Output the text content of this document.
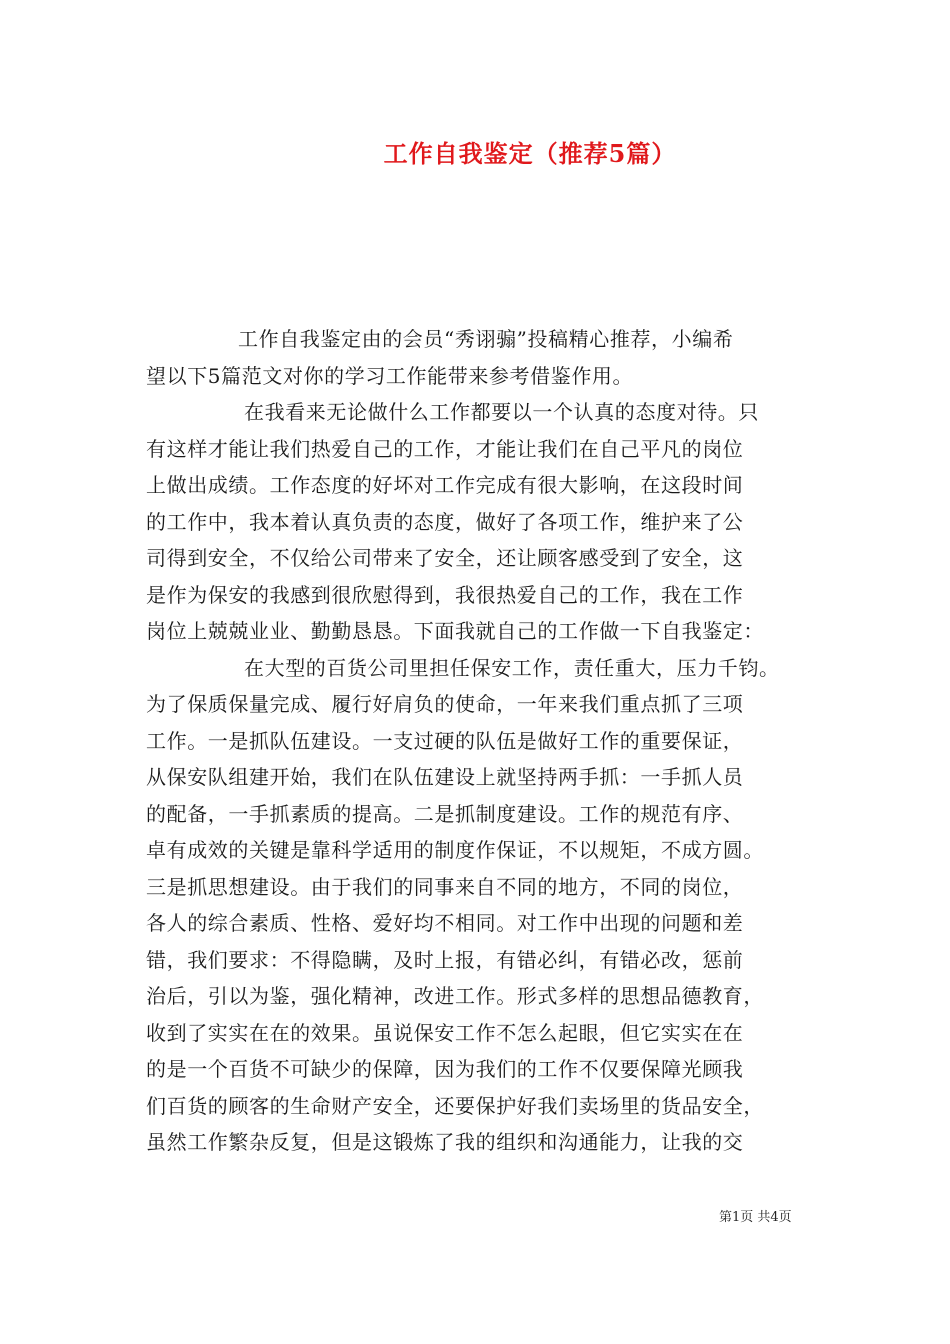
工作自我鉴定（推荐5篇）
工作自我鉴定由的会员“秀诩骟”投稿精心推荐，小编希
望以下5篇范文对你的学习工作能带来参考借鉴作用。
在我看来无论做什么工作都要以一个认真的态度对待。只
有这样才能让我们热爱自己的工作，才能让我们在自己平凡的岗位
上做出成绩。工作态度的好坏对工作完成有很大影响，在这段时间
的工作中，我本着认真负责的态度，做好了各项工作，维护来了公
司得到安全，不仅给公司带来了安全，还让顾客感受到了安全，这
是作为保安的我感到很欣慰得到，我很热爱自己的工作，我在工作
岗位上兢兢业业、勤勤恳恳。下面我就自己的工作做一下自我鉴定：
在大型的百货公司里担任保安工作，责任重大，压力千钧。
为了保质保量完成、履行好肩负的使命，一年来我们重点抓了三项
工作。一是抓队伍建设。一支过硬的队伍是做好工作的重要保证，
从保安队组建开始，我们在队伍建设上就坚持两手抓：一手抓人员
的配备，一手抓素质的提高。二是抓制度建设。工作的规范有序、
卓有成效的关键是靠科学适用的制度作保证，不以规矩，不成方圆。
三是抓思想建设。由于我们的同事来自不同的地方，不同的岗位，
各人的综合素质、性格、爱好均不相同。对工作中出现的问题和差
错，我们要求：不得隐瞒，及时上报，有错必纠，有错必改，惩前
治后，引以为鉴，强化精神，改进工作。形式多样的思想品德教育，
收到了实实在在的效果。虽说保安工作不怎么起眼，但它实实在在
的是一个百货不可缺少的保障，因为我们的工作不仅要保障光顾我
们百货的顾客的生命财产安全，还要保护好我们卖场里的货品安全，
虽然工作繁杂反复，但是这锻炼了我的组织和沟通能力，让我的交
第1页 共4页
